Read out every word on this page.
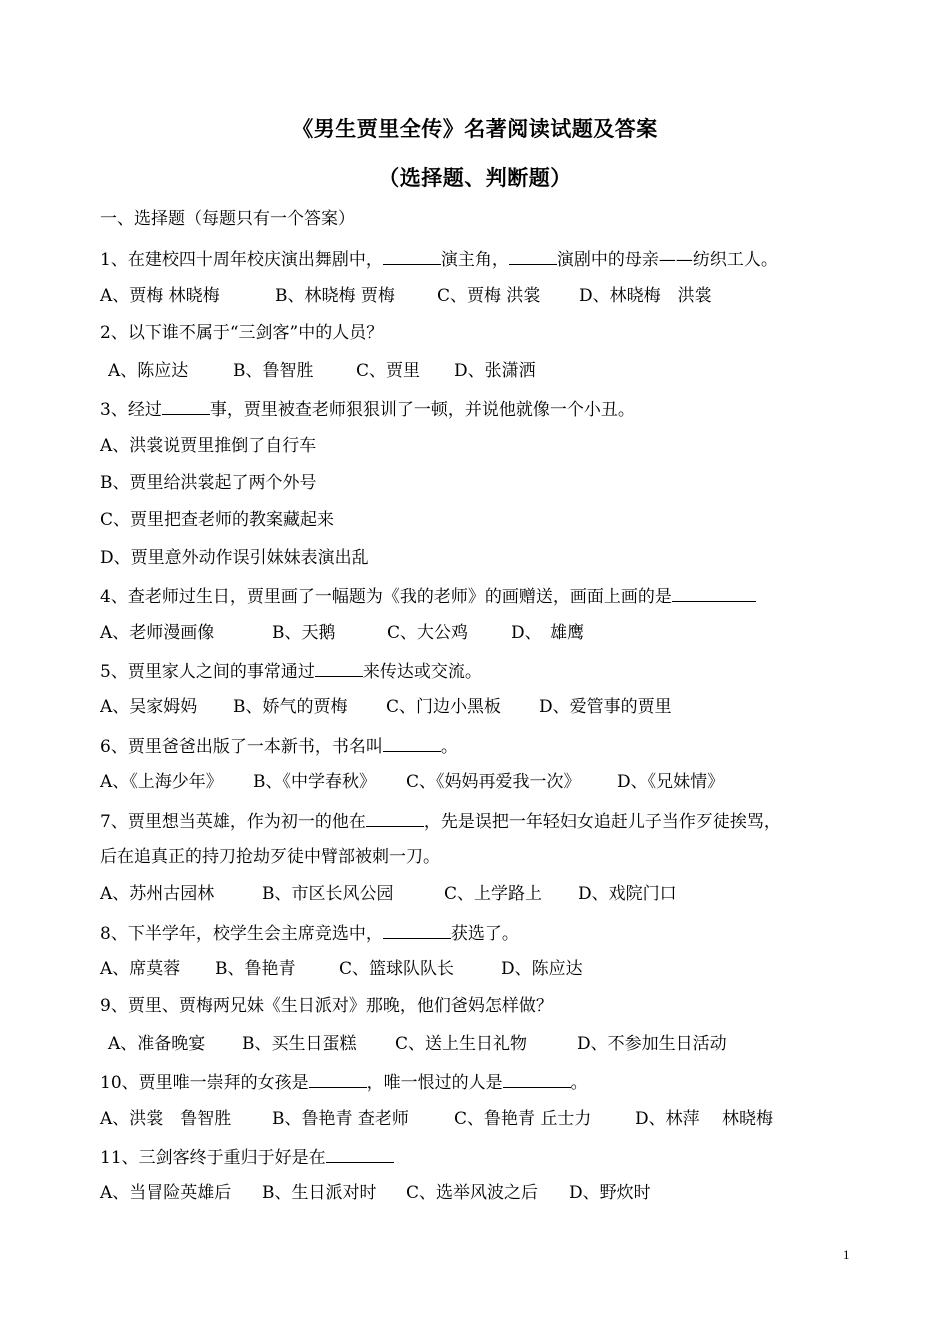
《男生贾里全传》名著阅读试题及答案
（选择题、判断题）
一、选择题（每题只有一个答案）
1、在建校四十周年校庆演出舞剧中，	演主角，	演剧中的母亲——纺织工人。
A、贾梅 林晓梅	B、林晓梅 贾梅 C、贾梅 洪裳 D、林晓梅　洪裳
2、以下谁不属于“三剑客”中的人员？
A、陈应达	B、鲁智胜	C、贾里 D、张潇洒
3、经过	事，贾里被查老师狠狠训了一顿，并说他就像一个小丑。
A、洪裳说贾里推倒了自行车
B、贾里给洪裳起了两个外号
C、贾里把查老师的教案藏起来
D、贾里意外动作误引妹妹表演出乱
4、查老师过生日，贾里画了一幅题为《我的老师》的画赠送，画面上画的是
A、老师漫画像	B、天鹅	C、大公鸡	D、　雄鹰
5、贾里家人之间的事常通过	来传达或交流。
A、吴家姆妈 B、娇气的贾梅 C、门边小黑板 D、爱管事的贾里
6、贾里爸爸出版了一本新书，书名叫	。
A、《上海少年》 B、《中学春秋》 C、《妈妈再爱我一次》 D、《兄妹情》
7、贾里想当英雄，作为初一的他在	，先是误把一年轻妇女追赶儿子当作歹徒挨骂，
后在追真正的持刀抢劫歹徒中臂部被刺一刀。
A、苏州古园林	B、市区长风公园	C、上学路上 D、戏院门口
8、下半学年，校学生会主席竞选中，	获选了。
A、席莫蓉 B、鲁艳青	C、篮球队队长	D、陈应达
9、贾里、贾梅两兄妹《生日派对》那晚，他们爸妈怎样做？
A、准备晚宴 B、买生日蛋糕 C、送上生日礼物	D、不参加生日活动
10、贾里唯一崇拜的女孩是	，唯一恨过的人是	。
A、洪裳　鲁智胜 B、鲁艳青 查老师	C、鲁艳青 丘士力	D、林萍　 林晓梅
11、三剑客终于重归于好是在
A、当冒险英雄后 B、生日派对时 C、选举风波之后 D、野炊时
1
